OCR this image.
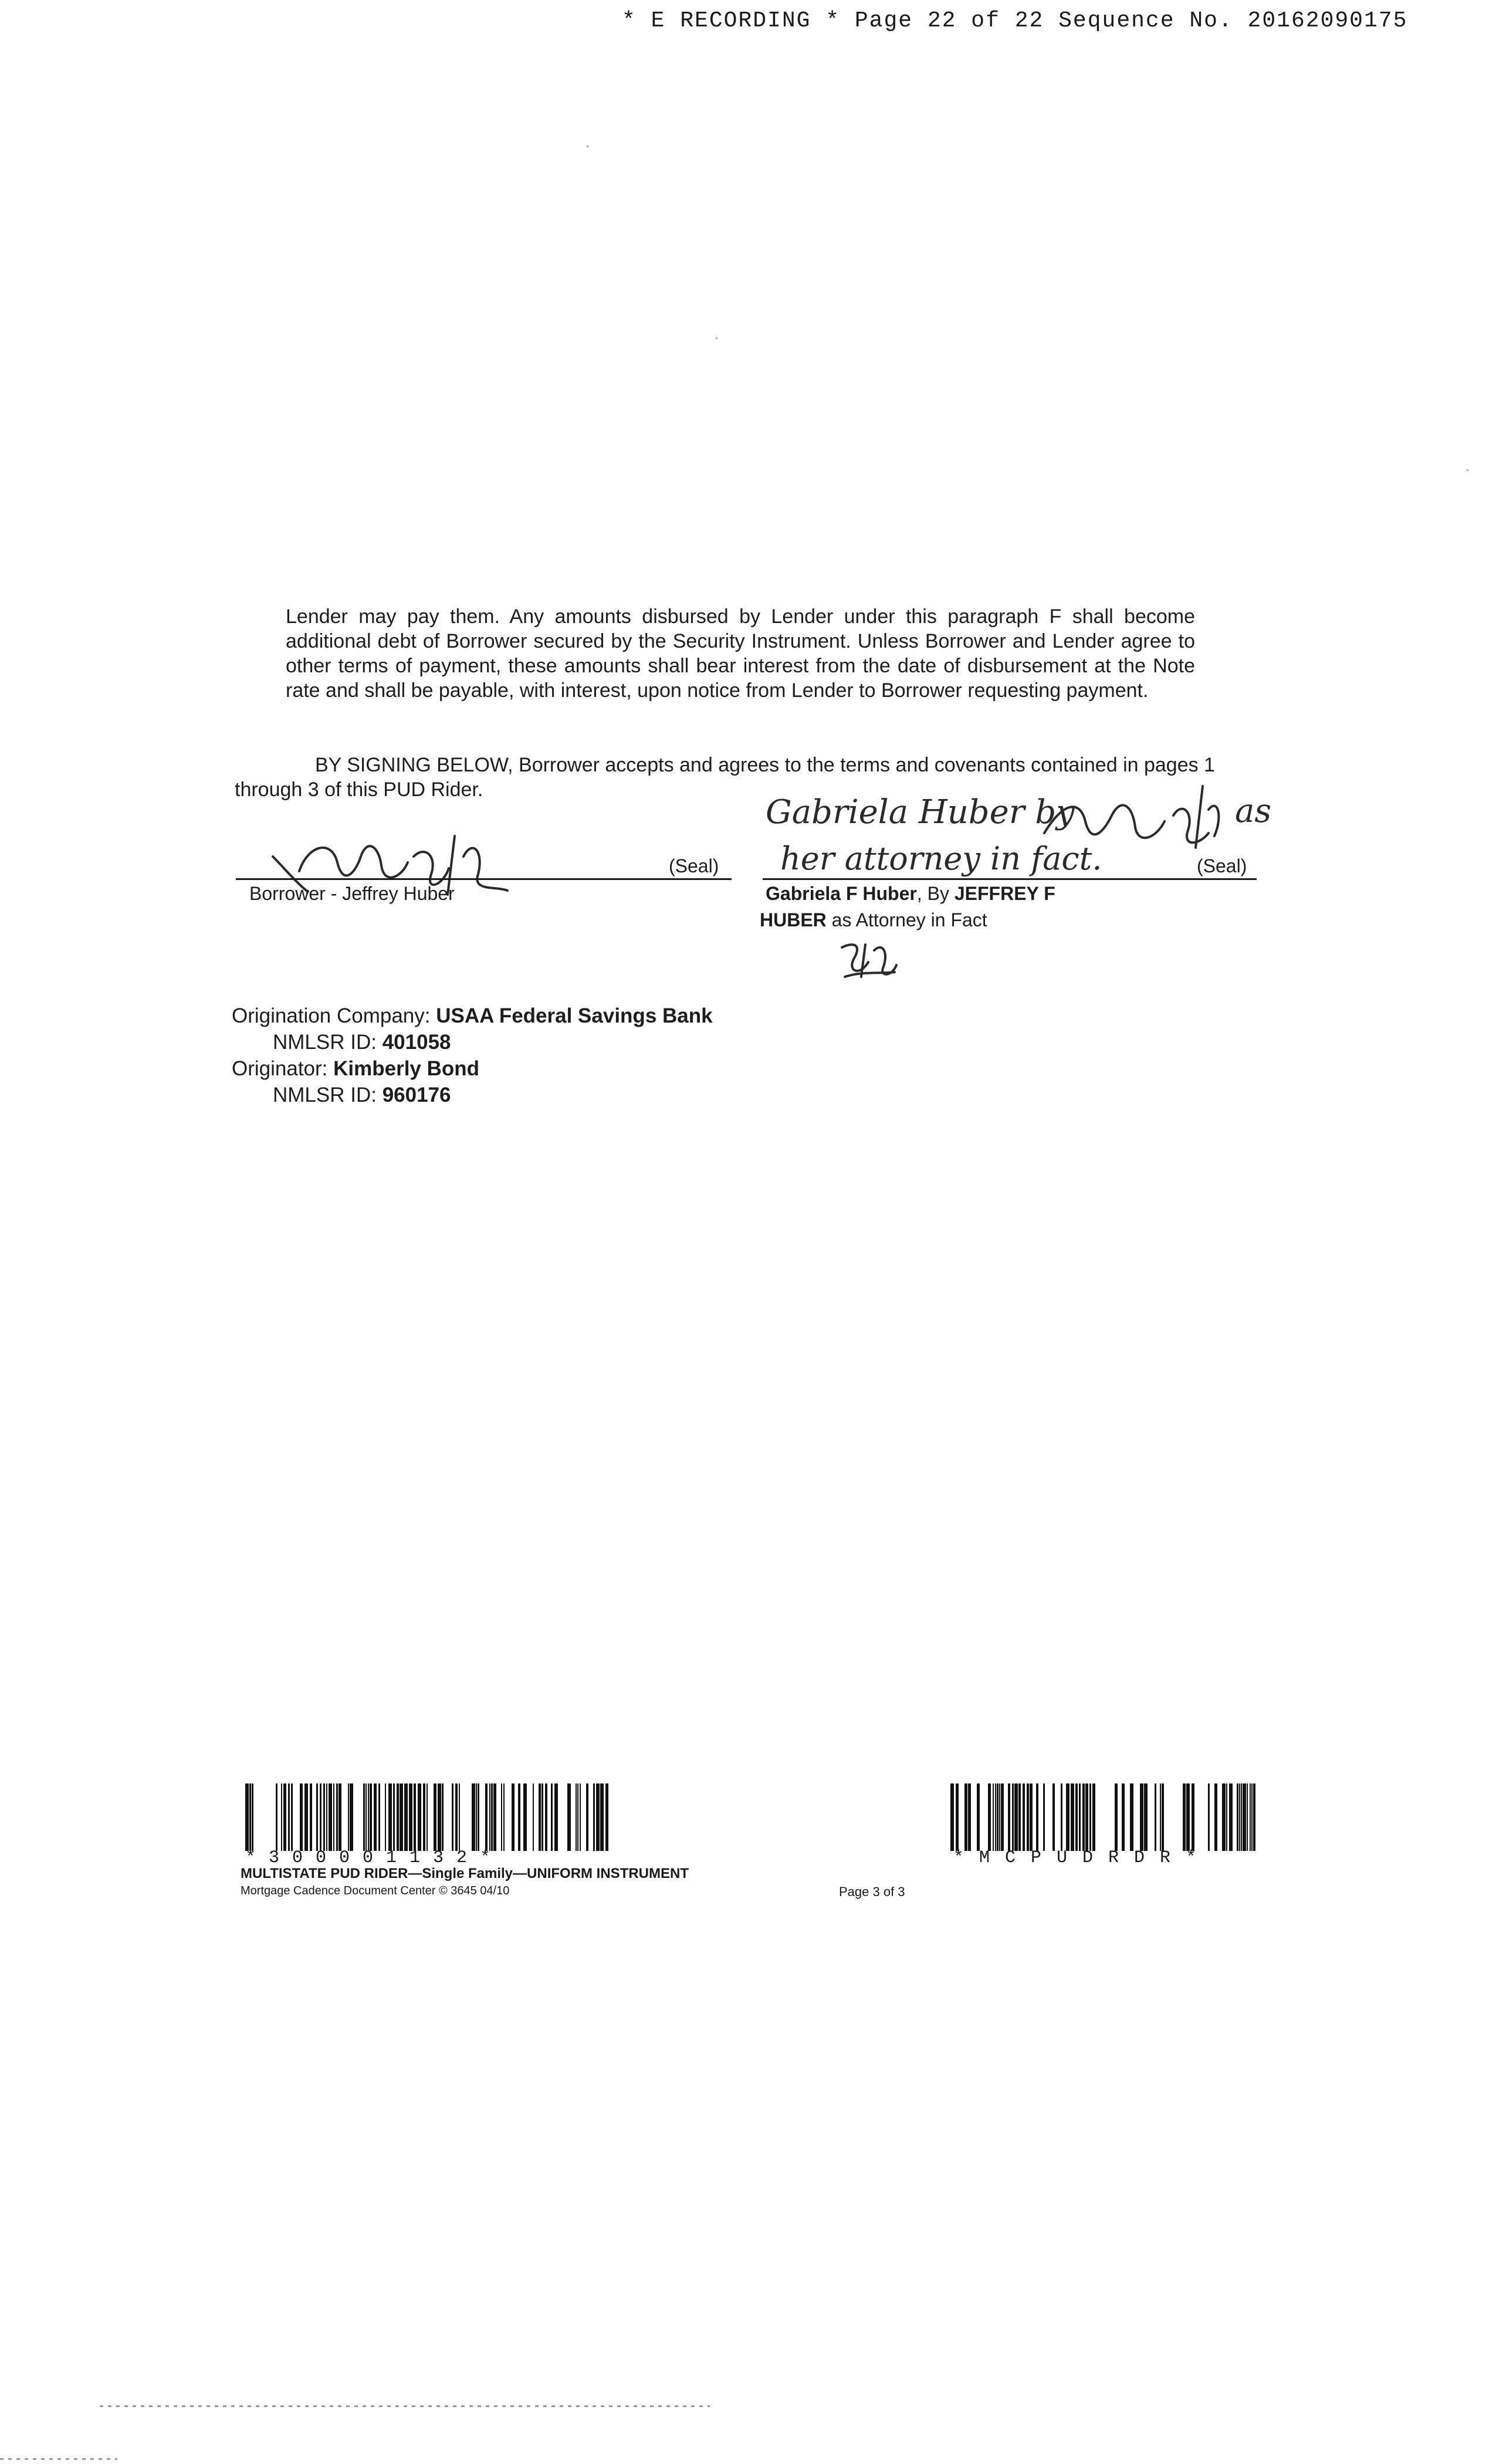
* E RECORDING * Page 22 of 22 Sequence No. 20162090175
Lender may pay them. Any amounts disbursed by Lender under this paragraph F shall become additional debt of Borrower secured by the Security Instrument. Unless Borrower and Lender agree to other terms of payment, these amounts shall bear interest from the date of disbursement at the Note rate and shall be payable, with interest, upon notice from Lender to Borrower requesting payment.
BY SIGNING BELOW, Borrower accepts and agrees to the terms and covenants contained in pages 1 through 3 of this PUD Rider.
(Seal)
Borrower - Jeffrey Huber
Gabriela Huber by	as
her attorney in fact.	(Seal)
Gabriela F Huber, By JEFFREY F
HUBER as Attorney in Fact
Origination Company: USAA Federal Savings Bank
NMLSR ID: 401058
Originator: Kimberly Bond
NMLSR ID: 960176
*300001132*	*MCPUDRDR*
MULTISTATE PUD RIDER—Single Family—UNIFORM INSTRUMENT
Mortgage Cadence Document Center © 3645 04/10	Page 3 of 3
